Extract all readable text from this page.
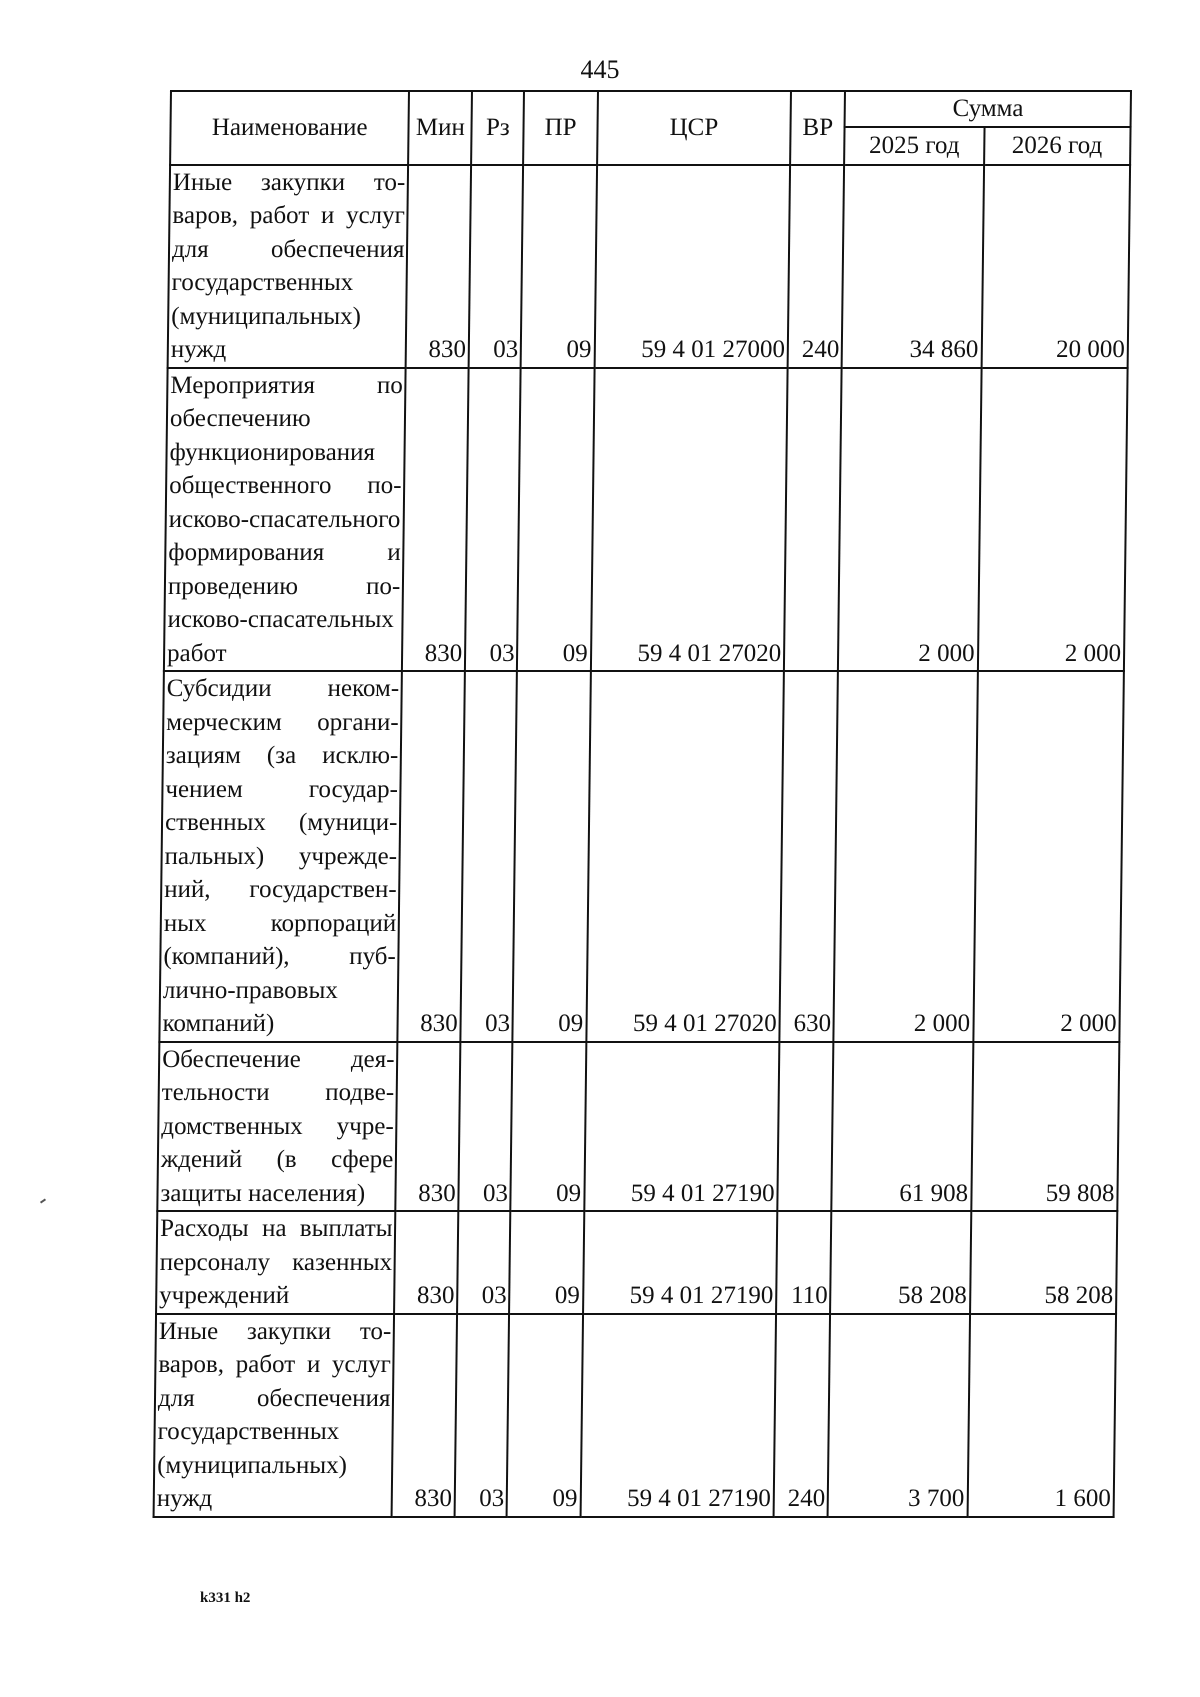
445
Наименование	Мин	Рз	ПР	ЦСР	ВР	Сумма	
						2025 год	2026 год
Иные закупки товаров, работ и услуг для обеспечения государственных (муниципальных) нужд	830	03	09	59 4 01 27000	240	34 860	20 000
Мероприятия по обеспечению функционирования общественного поисково-спасательного формирования и проведению поисково-спасательных работ	830	03	09	59 4 01 27020		2 000	2 000
Субсидии некоммерческим организациям (за исключением государственных (муниципальных) учреждений, государственных корпораций (компаний), публично-правовых компаний)	830	03	09	59 4 01 27020	630	2 000	2 000
Обеспечение деятельности подведомственных учреждений (в сфере защиты населения)	830	03	09	59 4 01 27190		61 908	59 808
Расходы на выплаты персоналу казенных учреждений	830	03	09	59 4 01 27190	110	58 208	58 208
Иные закупки товаров, работ и услуг для обеспечения государственных (муниципальных) нужд	830	03	09	59 4 01 27190	240	3 700	1 600
k331 h2
